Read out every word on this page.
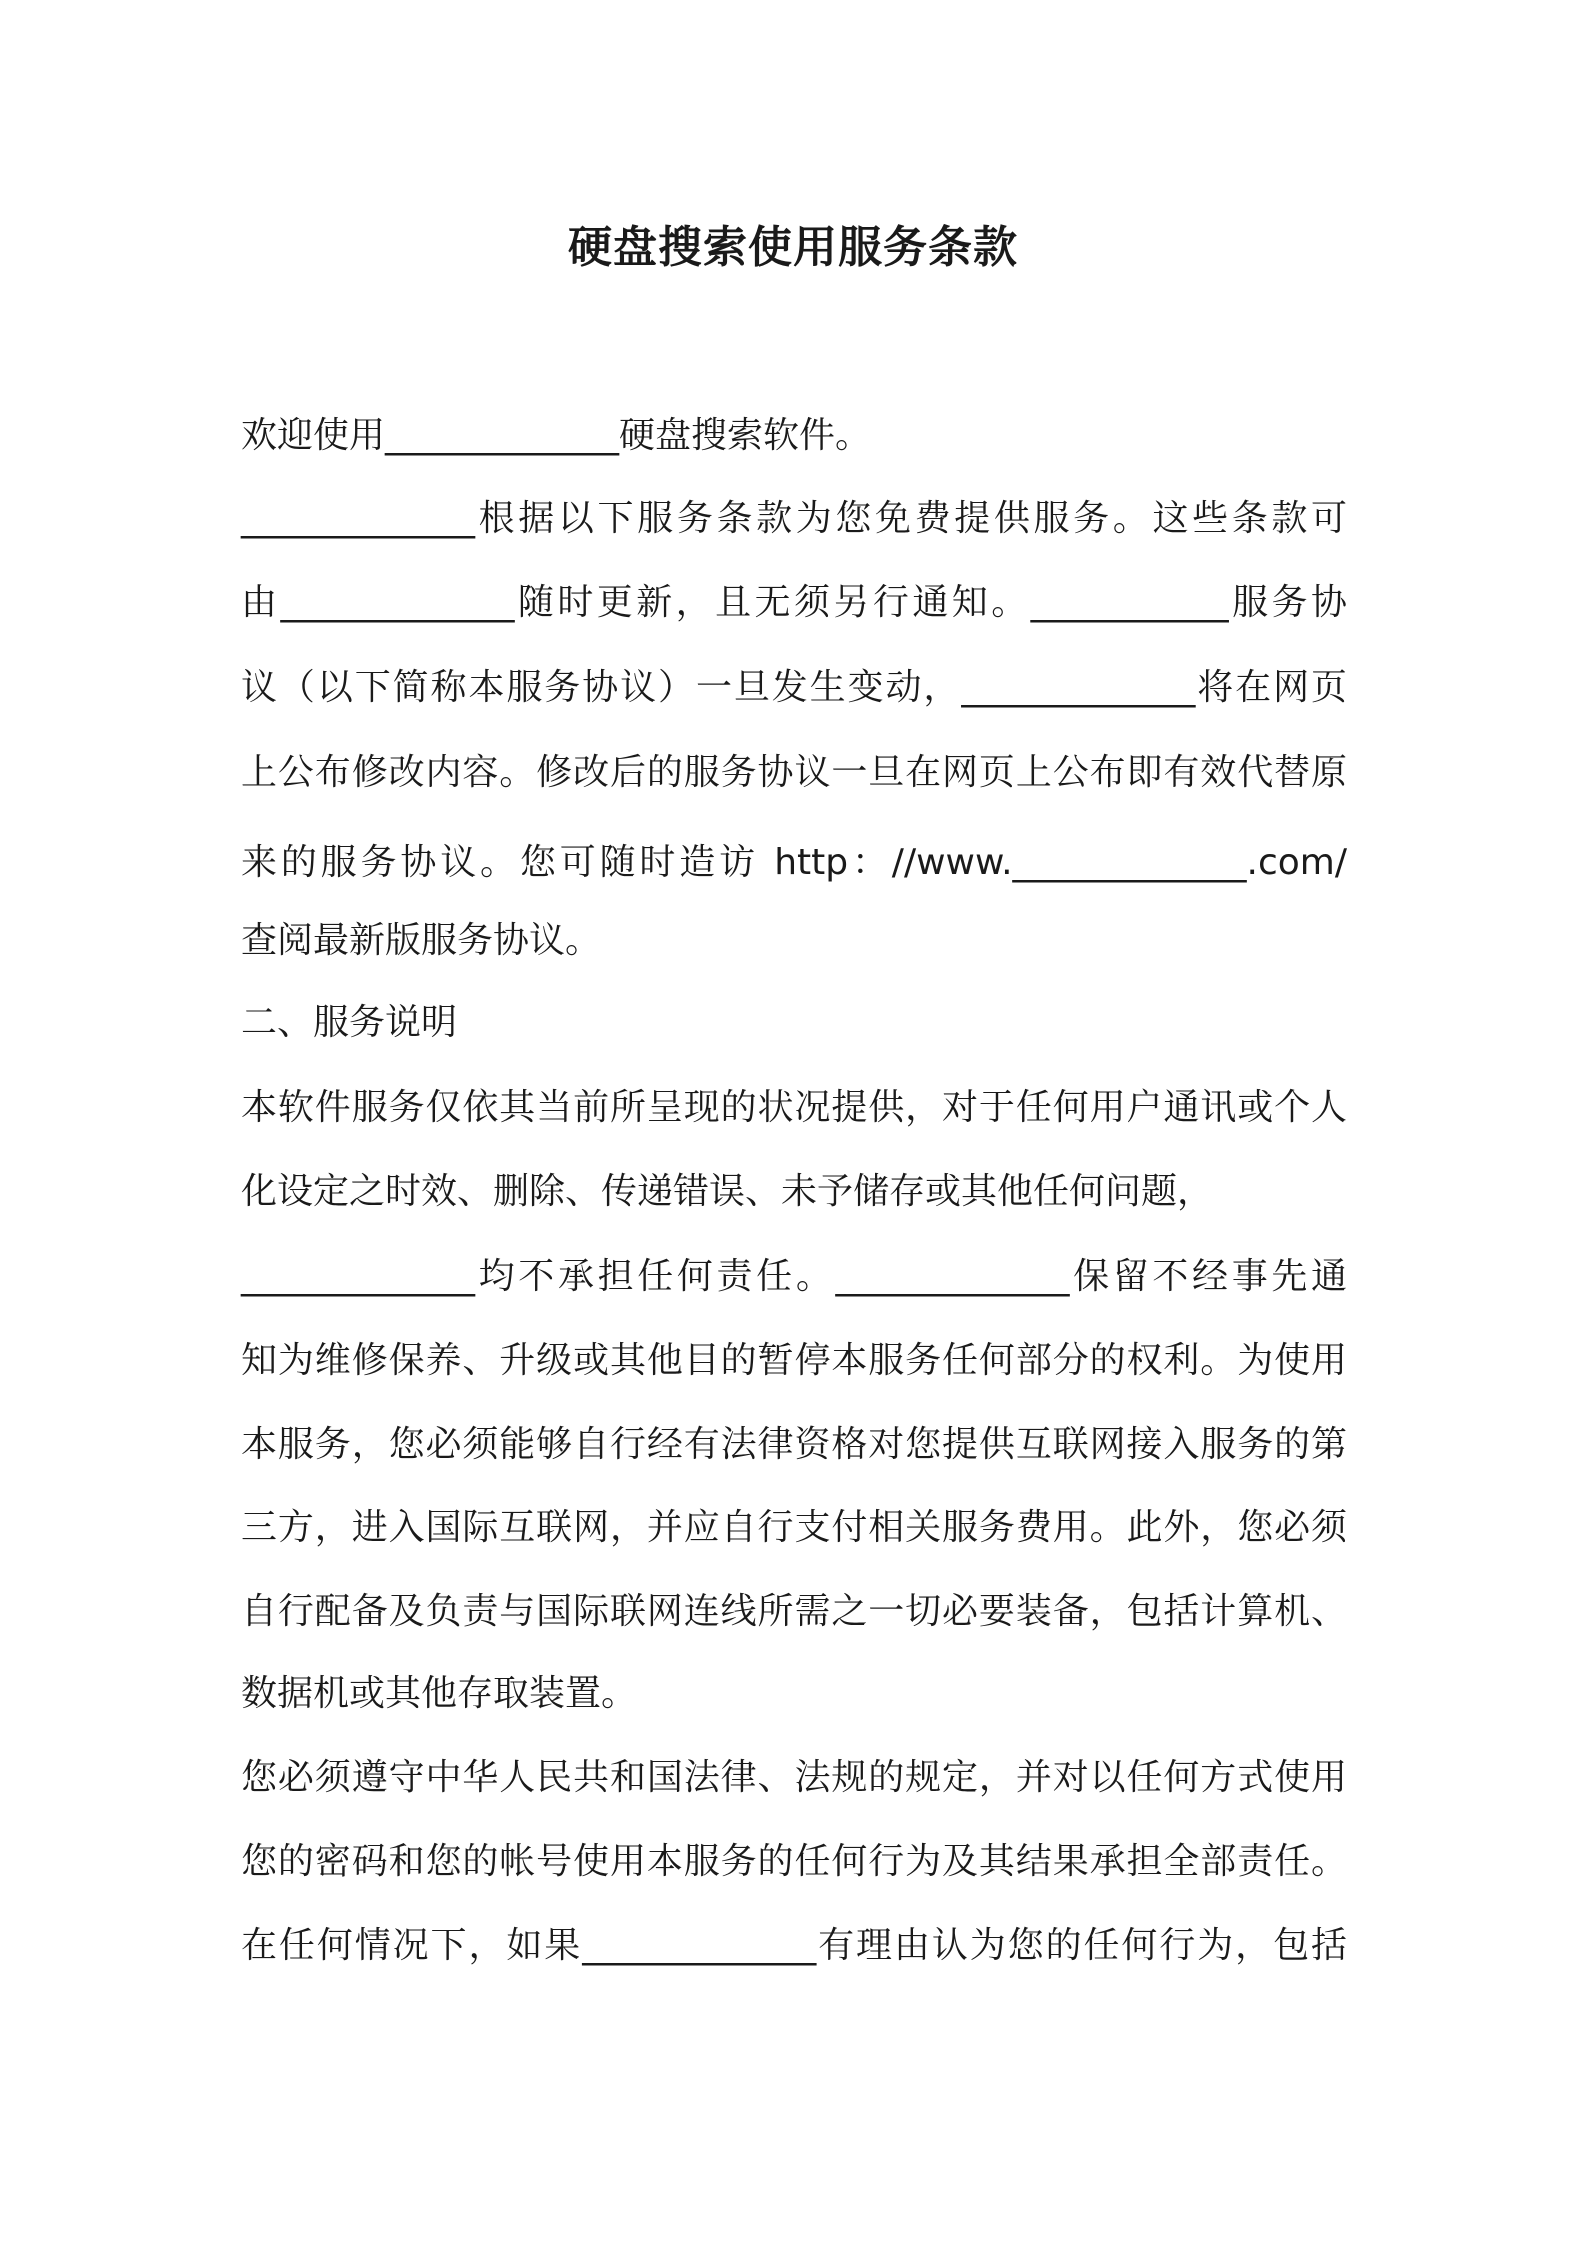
硬盘搜索使用服务条款
欢迎使用_____________硬盘搜索软件。
_____________根据以下服务条款为您免费提供服务。这些条款可
由_____________随时更新，且无须另行通知。___________服务协
议（以下简称本服务协议）一旦发生变动，_____________将在网页
上公布修改内容。修改后的服务协议一旦在网页上公布即有效代替原
来的服务协议。您可随时造访 http：//www._____________.com/
查阅最新版服务协议。
二、服务说明
本软件服务仅依其当前所呈现的状况提供，对于任何用户通讯或个人
化设定之时效、删除、传递错误、未予储存或其他任何问题，
_____________均不承担任何责任。_____________保留不经事先通
知为维修保养、升级或其他目的暂停本服务任何部分的权利。为使用
本服务，您必须能够自行经有法律资格对您提供互联网接入服务的第
三方，进入国际互联网，并应自行支付相关服务费用。此外，您必须
自行配备及负责与国际联网连线所需之一切必要装备，包括计算机、
数据机或其他存取装置。
您必须遵守中华人民共和国法律、法规的规定，并对以任何方式使用
您的密码和您的帐号使用本服务的任何行为及其结果承担全部责任。
在任何情况下，如果_____________有理由认为您的任何行为，包括
